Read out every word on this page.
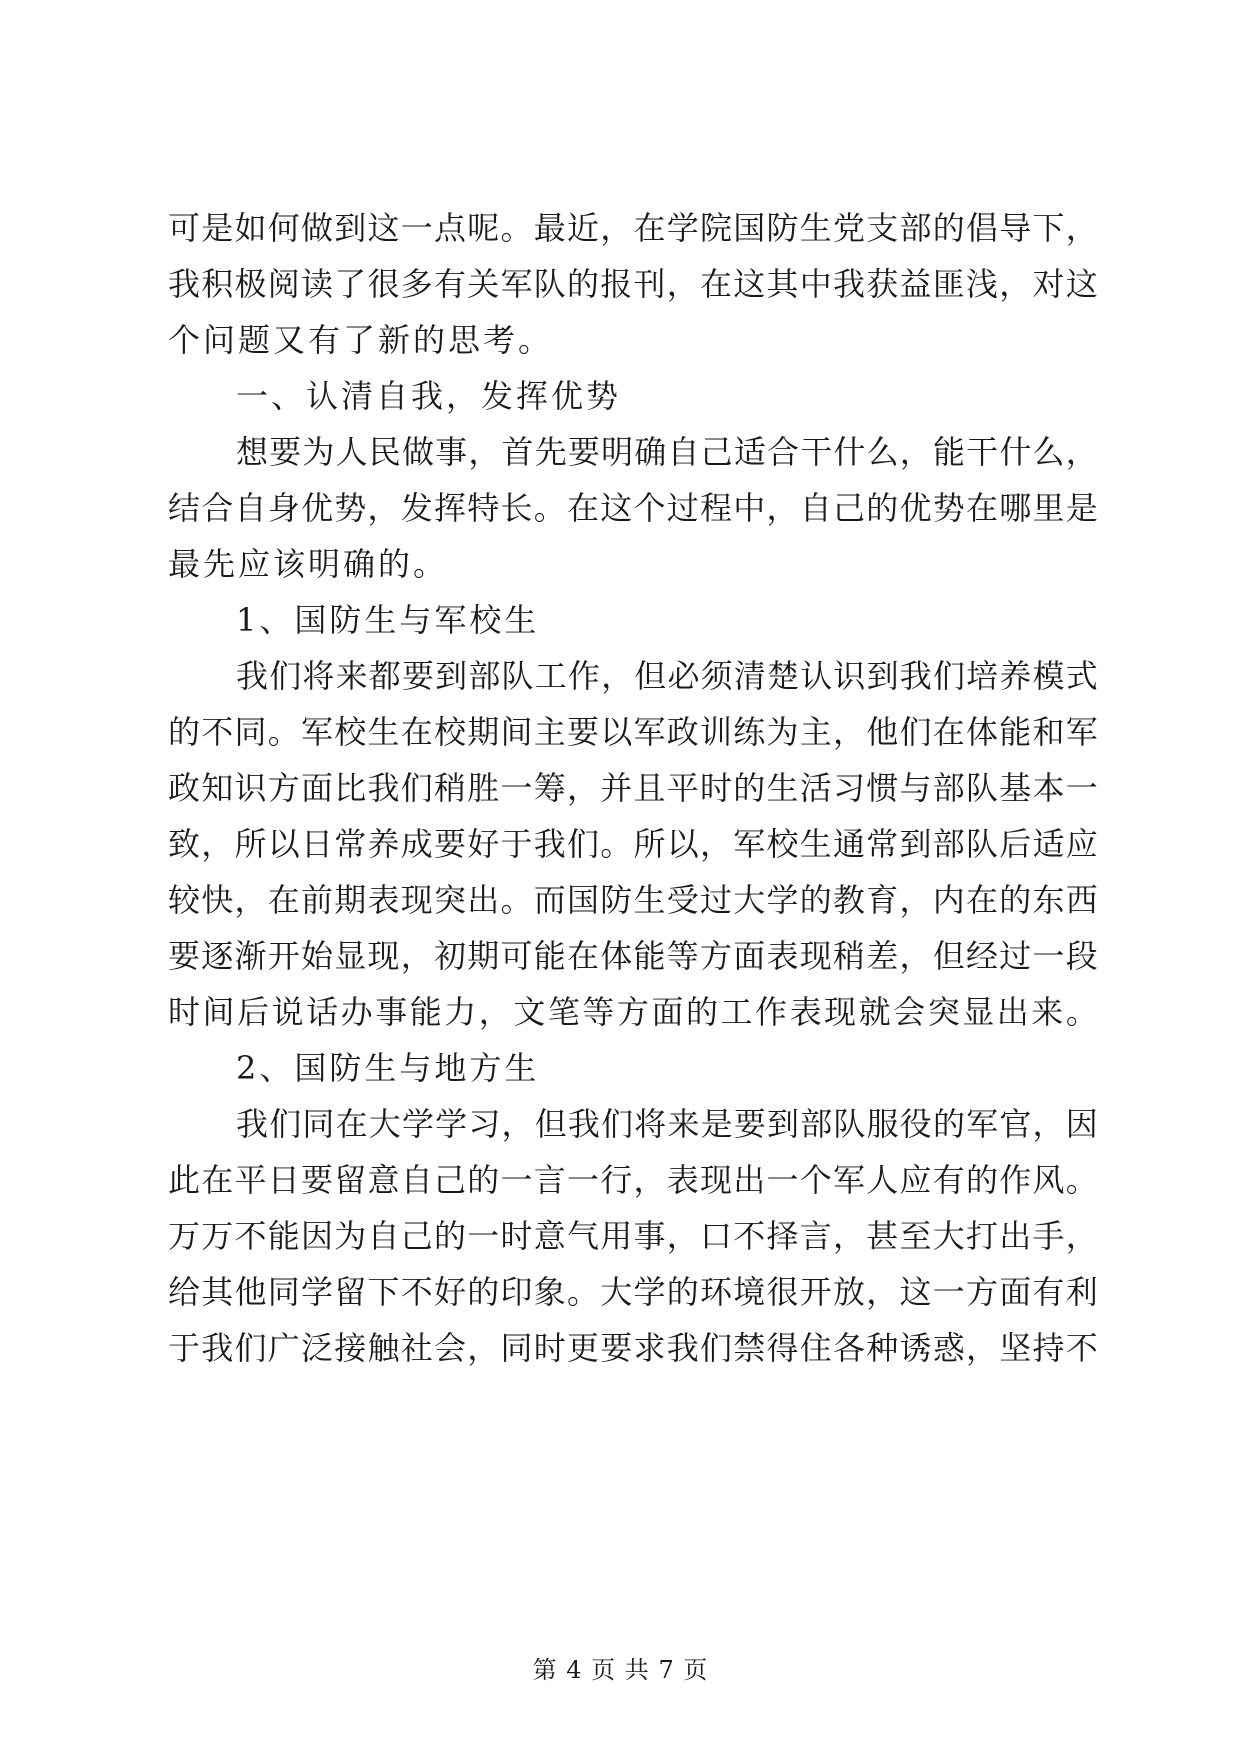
可 是 如 何 做 到 这 一 点 呢 。 最 近 ， 在 学 院 国 防 生 党 支 部 的 倡 导 下 ，
我 积 极 阅 读 了 很 多 有 关 军 队 的 报 刊 ， 在 这 其 中 我 获 益 匪 浅 ， 对 这
个问题又有了新的思考。
一、认清自我，发挥优势
想 要 为 人 民 做 事 ， 首 先 要 明 确 自 己 适 合 干 什 么 ， 能 干 什 么 ，
结 合 自 身 优 势 ， 发 挥 特 长 。 在 这 个 过 程 中 ， 自 己 的 优 势 在 哪 里 是
最先应该明确的。
1、国防生与军校生
我 们 将 来 都 要 到 部 队 工 作 ， 但 必 须 清 楚 认 识 到 我 们 培 养 模 式
的 不 同 。 军 校 生 在 校 期 间 主 要 以 军 政 训 练 为 主 ， 他 们 在 体 能 和 军
政 知 识 方 面 比 我 们 稍 胜 一 筹 ， 并 且 平 时 的 生 活 习 惯 与 部 队 基 本 一
致 ， 所 以 日 常 养 成 要 好 于 我 们 。 所 以 ， 军 校 生 通 常 到 部 队 后 适 应
较 快 ， 在 前 期 表 现 突 出 。 而 国 防 生 受 过 大 学 的 教 育 ， 内 在 的 东 西
要 逐 渐 开 始 显 现 ， 初 期 可 能 在 体 能 等 方 面 表 现 稍 差 ， 但 经 过 一 段
时 间 后 说 话 办 事 能 力 ， 文 笔 等 方 面 的 工 作 表 现 就 会 突 显 出 来 。
2、国防生与地方生
我 们 同 在 大 学 学 习 ， 但 我 们 将 来 是 要 到 部 队 服 役 的 军 官 ， 因
此 在 平 日 要 留 意 自 己 的 一 言 一 行 ， 表 现 出 一 个 军 人 应 有 的 作 风 。
万 万 不 能 因 为 自 己 的 一 时 意 气 用 事 ， 口 不 择 言 ， 甚 至 大 打 出 手 ，
给 其 他 同 学 留 下 不 好 的 印 象 。 大 学 的 环 境 很 开 放 ， 这 一 方 面 有 利
于 我 们 广 泛 接 触 社 会 ， 同 时 更 要 求 我 们 禁 得 住 各 种 诱 惑 ， 坚 持 不
第 4 页 共 7 页
